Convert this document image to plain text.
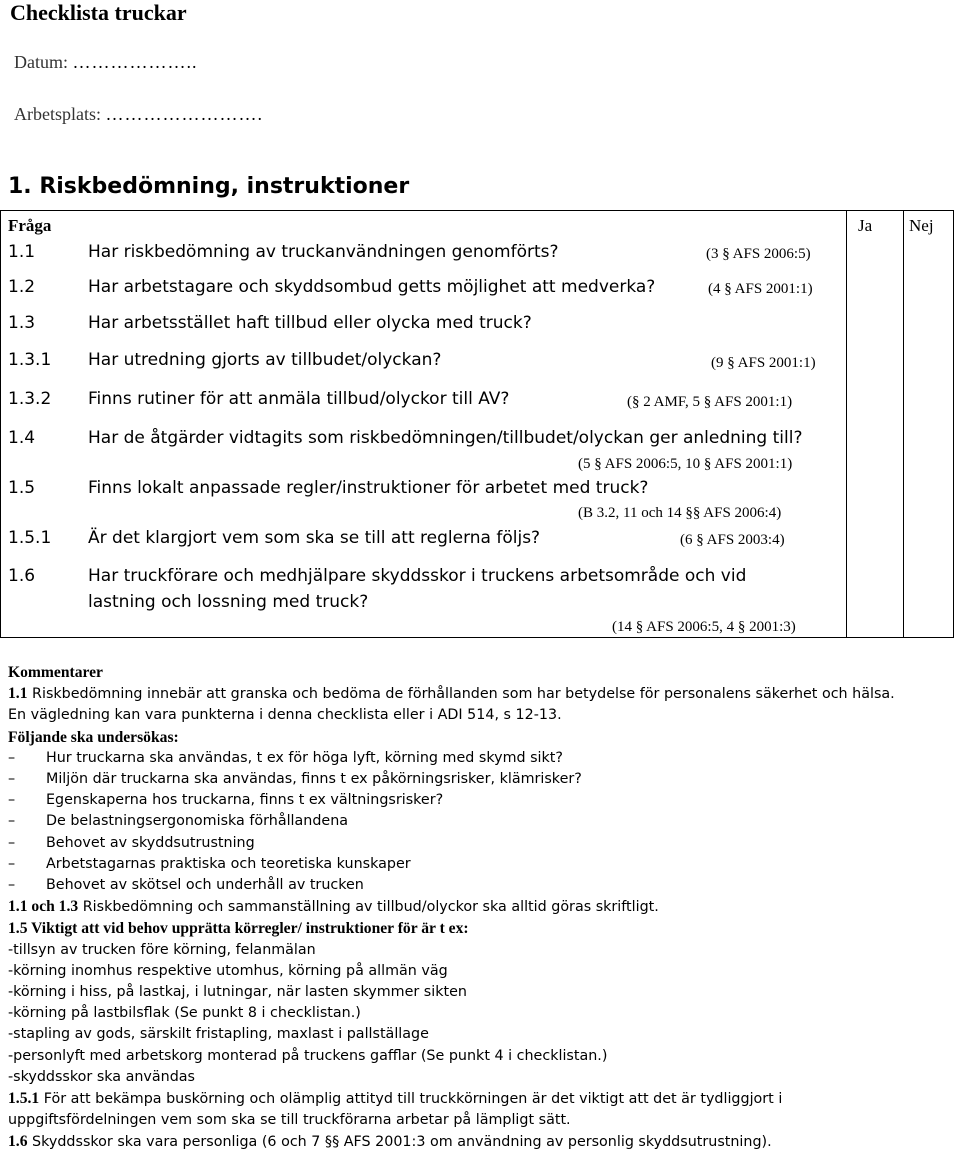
Checklista truckar
Datum: ………………..
Arbetsplats: …………………….
1. Riskbedömning, instruktioner
Fråga	Ja Nej
1.1	Har riskbedömning av truckanvändningen genomförts?	(3 § AFS 2006:5)
1.2	Har arbetstagare och skyddsombud getts möjlighet att medverka?	(4 § AFS 2001:1)
1.3	Har arbetsstället haft tillbud eller olycka med truck?
1.3.1 Har utredning gjorts av tillbudet/olyckan?	(9 § AFS 2001:1)
1.3.2 Finns rutiner för att anmäla tillbud/olyckor till AV?	(§ 2 AMF, 5 § AFS 2001:1)
1.4	Har de åtgärder vidtagits som riskbedömningen/tillbudet/olyckan ger anledning till?
(5 § AFS 2006:5, 10 § AFS 2001:1)
1.5	Finns lokalt anpassade regler/instruktioner för arbetet med truck?
(B 3.2, 11 och 14 §§ AFS 2006:4)
1.5.1 Är det klargjort vem som ska se till att reglerna följs?	(6 § AFS 2003:4)
1.6	Har truckförare och medhjälpare skyddsskor i truckens arbetsområde och vid
lastning och lossning med truck?
(14 § AFS 2006:5, 4 § 2001:3)

Kommentarer

1.1 Riskbedömning innebär att granska och bedöma de förhållanden som har betydelse för personalens säkerhet och hälsa.

En vägledning kan vara punkterna i denna checklista eller i ADI 514, s 12-13.

Följande ska undersökas:

– Hur truckarna ska användas, t ex för höga lyft, körning med skymd sikt?

– Miljön där truckarna ska användas, finns t ex påkörningsrisker, klämrisker?

– Egenskaperna hos truckarna, finns t ex vältningsrisker?

– De belastningsergonomiska förhållandena

– Behovet av skyddsutrustning

– Arbetstagarnas praktiska och teoretiska kunskaper

– Behovet av skötsel och underhåll av trucken

1.1 och 1.3 Riskbedömning och sammanställning av tillbud/olyckor ska alltid göras skriftligt.

1.5 Viktigt att vid behov upprätta körregler/ instruktioner för är t ex:

-tillsyn av trucken före körning, felanmälan

-körning inomhus respektive utomhus, körning på allmän väg

-körning i hiss, på lastkaj, i lutningar, när lasten skymmer sikten

-körning på lastbilsflak (Se punkt 8 i checklistan.)

-stapling av gods, särskilt fristapling, maxlast i pallställage

-personlyft med arbetskorg monterad på truckens gafflar (Se punkt 4 i checklistan.)

-skyddsskor ska användas

1.5.1 För att bekämpa buskörning och olämplig attityd till truckkörningen är det viktigt att det är tydliggjort i

uppgiftsfördelningen vem som ska se till truckförarna arbetar på lämpligt sätt.

1.6 Skyddsskor ska vara personliga (6 och 7 §§ AFS 2001:3 om användning av personlig skyddsutrustning).
